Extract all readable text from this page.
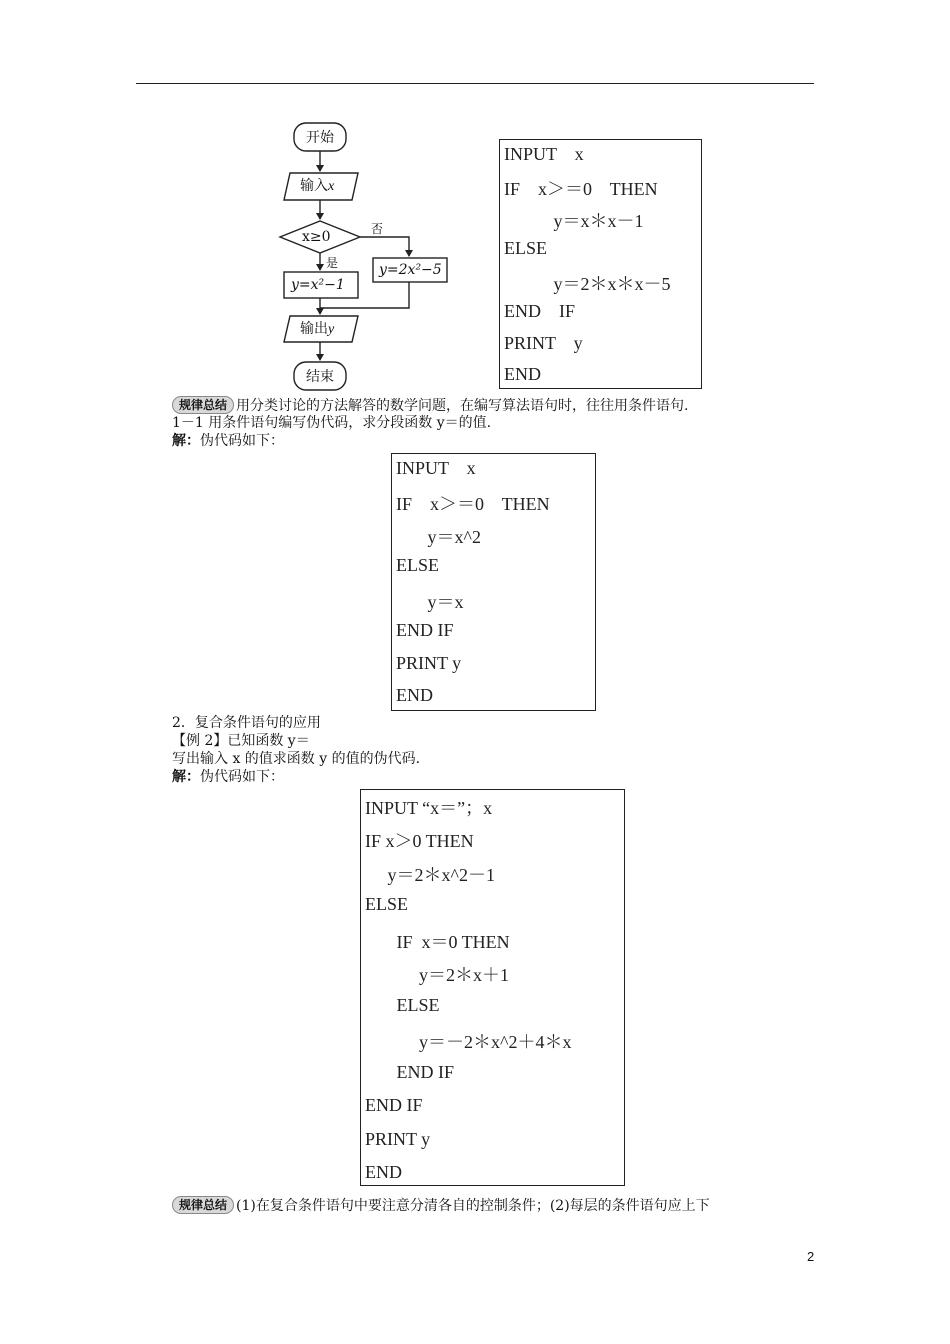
开始
输入x
x≥0	否
是
y=x²−1
y=2x²−5
输出y
结束

INPUT    x

IF    x＞＝0    THEN

y＝x＊x－1

ELSE

y＝2＊x＊x－5

END    IF

PRINT    y

END

规律总结 用分类讨论的方法解答的数学问题，在编写算法语句时，往往用条件语句.
1－1 用条件语句编写伪代码，求分段函数 y＝的值.
解：伪代码如下：

INPUT    x

IF    x＞＝0    THEN

y＝x^2

ELSE

y＝x

END IF

PRINT y

END

2．复合条件语句的应用
【例 2】已知函数 y＝
写出输入 x 的值求函数 y 的值的伪代码.
解：伪代码如下：

INPUT “x＝”；x

IF x＞0 THEN

y＝2＊x^2－1

ELSE

IF  x＝0 THEN

y＝2＊x＋1

ELSE

y＝－2＊x^2＋4＊x

END IF

END IF

PRINT y

END

规律总结 (1)在复合条件语句中要注意分清各自的控制条件；(2)每层的条件语句应上下
2
